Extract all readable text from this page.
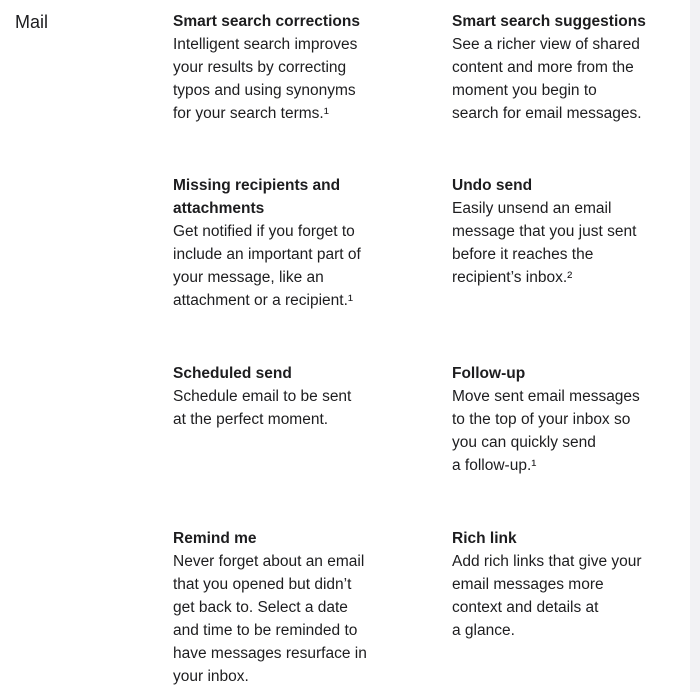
Mail	Smart search corrections

Intelligent search improves
your results by correcting
typos and using synonyms
for your search terms.¹

Smart search suggestions

See a richer view of shared
content and more from the
moment you begin to
search for email messages.

Missing recipients and
attachments

Get notified if you forget to
include an important part of
your message, like an
attachment or a recipient.¹

Undo send

Easily unsend an email
message that you just sent
before it reaches the
recipient’s inbox.²

Scheduled send

Schedule email to be sent
at the perfect moment.

Follow-up

Move sent email messages
to the top of your inbox so
you can quickly send
a follow-up.¹

Remind me

Never forget about an email
that you opened but didn’t
get back to. Select a date
and time to be reminded to
have messages resurface in
your inbox.

Rich link

Add rich links that give your
email messages more
context and details at
a glance.
